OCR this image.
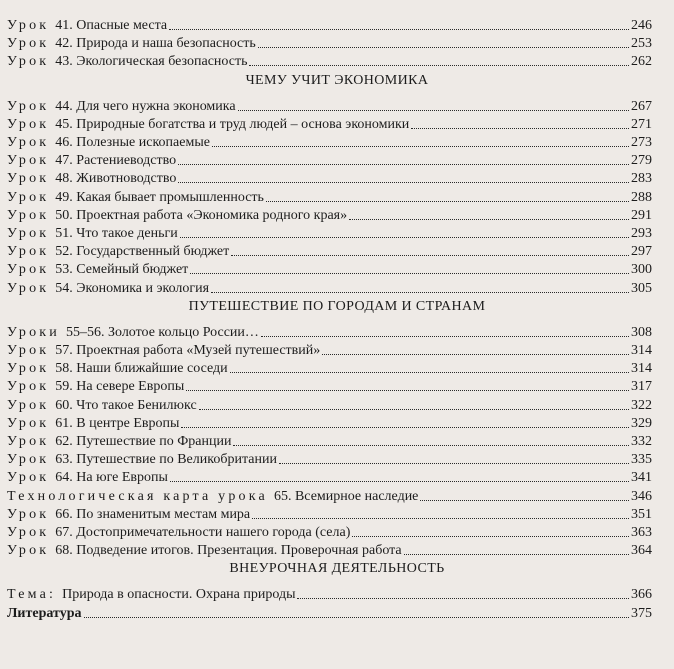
Урок 41. Опасные места	246
Урок 42. Природа и наша безопасность	253
Урок 43. Экологическая безопасность	262
ЧЕМУ УЧИТ ЭКОНОМИКА
Урок 44. Для чего нужна экономика	267
Урок 45. Природные богатства и труд людей – основа экономики	271
Урок 46. Полезные ископаемые	273
Урок 47. Растениеводство	279
Урок 48. Животноводство	283
Урок 49. Какая бывает промышленность	288
Урок 50. Проектная работа «Экономика родного края»	291
Урок 51. Что такое деньги	293
Урок 52. Государственный бюджет	297
Урок 53. Семейный бюджет	300
Урок 54. Экономика и экология	305
ПУТЕШЕСТВИЕ ПО ГОРОДАМ И СТРАНАМ
Уроки 55–56. Золотое кольцо России…	308
Урок 57. Проектная работа «Музей путешествий»	314
Урок 58. Наши ближайшие соседи	314
Урок 59. На севере Европы	317
Урок 60. Что такое Бенилюкс	322
Урок 61. В центре Европы	329
Урок 62. Путешествие по Франции	332
Урок 63. Путешествие по Великобритании	335
Урок 64. На юге Европы	341
Технологическая карта урока 65. Всемирное наследие	346
Урок 66. По знаменитым местам мира	351
Урок 67. Достопримечательности нашего города (села)	363
Урок 68. Подведение итогов. Презентация. Проверочная работа	364
ВНЕУРОЧНАЯ ДЕЯТЕЛЬНОСТЬ
Тема: Природа в опасности. Охрана природы	366
Литература	375
